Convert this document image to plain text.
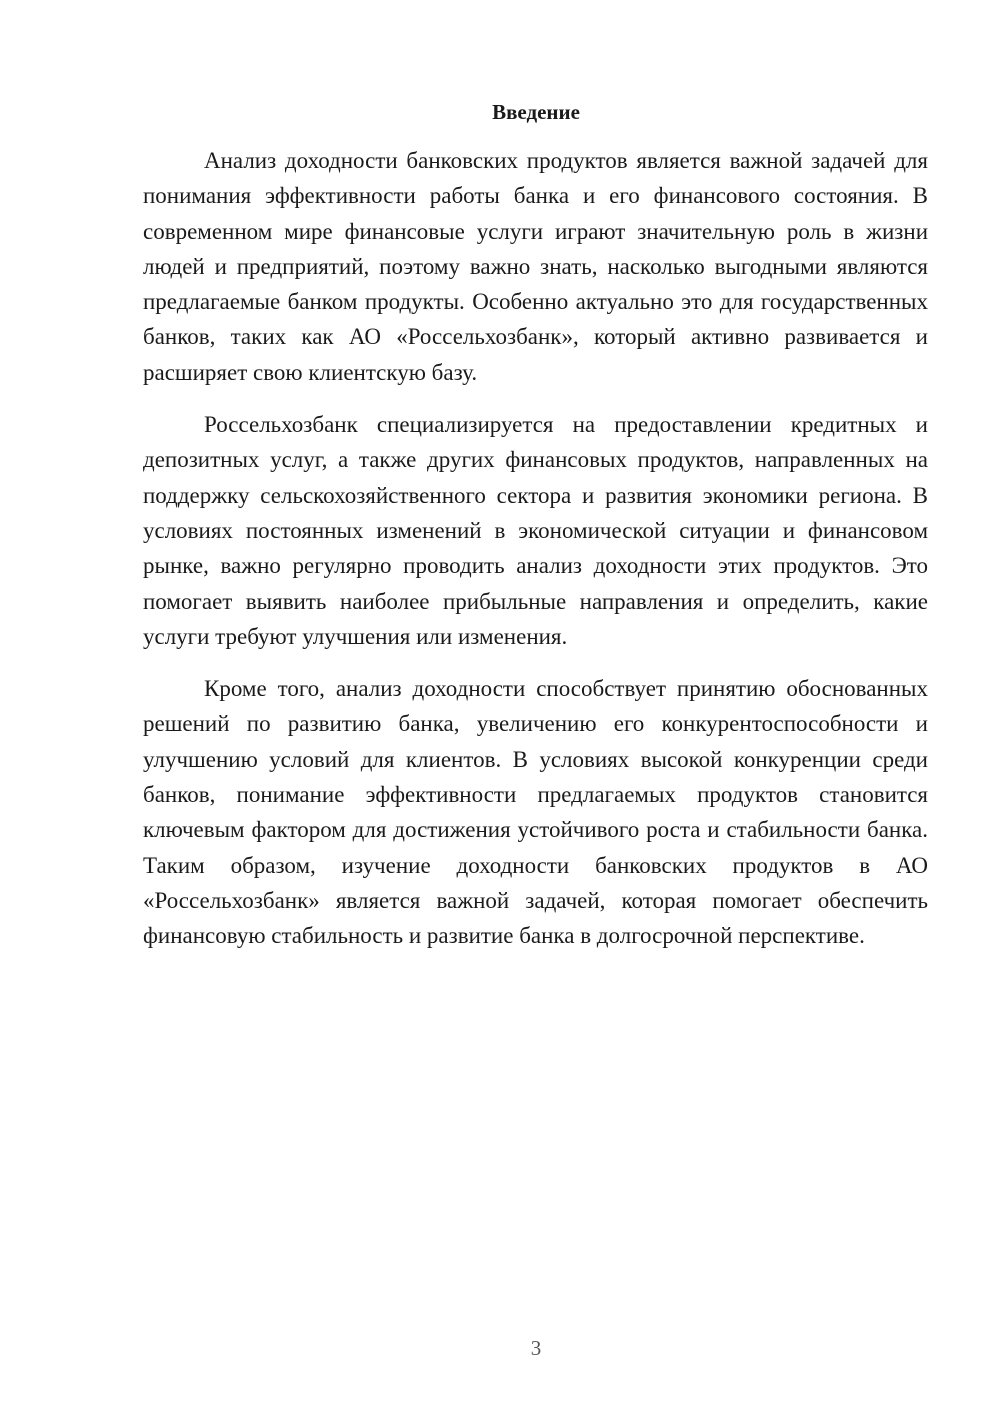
Введение

Анализ доходности банковских продуктов является важной задачей для понимания эффективности работы банка и его финансового состояния. В современном мире финансовые услуги играют значительную роль в жизни людей и предприятий, поэтому важно знать, насколько выгодными являются предлагаемые банком продукты. Особенно актуально это для государственных банков, таких как АО «Россельхозбанк», который активно развивается и расширяет свою клиентскую базу.

Россельхозбанк специализируется на предоставлении кредитных и депозитных услуг, а также других финансовых продуктов, направленных на поддержку сельскохозяйственного сектора и развития экономики региона. В условиях постоянных изменений в экономической ситуации и финансовом рынке, важно регулярно проводить анализ доходности этих продуктов. Это помогает выявить наиболее прибыльные направления и определить, какие услуги требуют улучшения или изменения.

Кроме того, анализ доходности способствует принятию обоснованных решений по развитию банка, увеличению его конкурентоспособности и улучшению условий для клиентов. В условиях высокой конкуренции среди банков, понимание эффективности предлагаемых продуктов становится ключевым фактором для достижения устойчивого роста и стабильности банка. Таким образом, изучение доходности банковских продуктов в АО «Россельхозбанк» является важной задачей, которая помогает обеспечить финансовую стабильность и развитие банка в долгосрочной перспективе.

3
